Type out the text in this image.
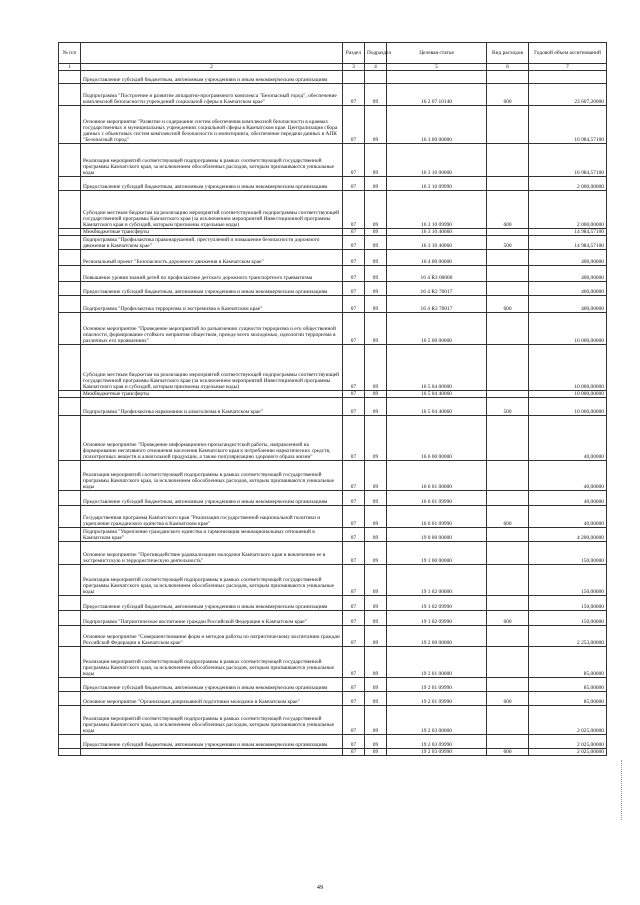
№ п/п		Раздел	Подраздел	Целевая статья	Вид расходов	Годовой объем ассигнований
1	2	3	4	5	6	7
	Предоставление субсидий бюджетным, автономным учреждениям и иным некоммерческим организациям					
	Подпрограмма "Построение и развитие аппаратно-программного комплекса "Безопасный город", обеспечение комплексной безопасности учреждений социальной сферы в Камчатском крае"	07	09	16 2 07 10140	600	23 607,20000
	Основное мероприятие "Развитие и содержание систем обеспечения комплексной безопасности в краевых государственных и муниципальных учреждениях социальной сферы в Камчатском крае. Централизация сбора данных с объектовых систем комплексной безопасности и мониторинга, обеспечение передачи данных в АПК "Безопасный город"	07	09	16 3 00 00000		16 984,57100
	Реализация мероприятий соответствующей подпрограммы в рамках соответствующей государственной программы Камчатского края, за исключением обособленных расходов, которым присваиваются уникальные коды	07	09	16 3 10 00000		16 984,57100
	Предоставление субсидий бюджетным, автономным учреждениям и иным некоммерческим организациям	07	09	16 3 10 09990		2 000,00000
	Субсидии местным бюджетам на реализацию мероприятий соответствующей подпрограммы соответствующей государственной программы Камчатского края (за исключением мероприятий Инвестиционной программы Камчатского края и субсидий, которым присвоены отдельные коды)	07	09	16 3 10 09990	600	2 000,00000
	Межбюджетные трансферты	07	09	16 3 10 40060		14 984,57100
	Подпрограмма "Профилактика правонарушений, преступлений и повышение безопасности дорожного движения в Камчатском крае"	07	09	16 3 10 40060	500	14 984,57100
	Региональный проект "Безопасность дорожного движения в Камчатском крае"	07	09	16 4 00 00000		400,00000
	Повышение уровня знаний детей по профилактике детского дорожного транспортного травматизма	07	09	16 4 R3 00000		400,00000
	Предоставление субсидий бюджетным, автономным учреждениям и иным некоммерческим организациям	07	09	16 4 R3 70017		400,00000
	Подпрограмма "Профилактика терроризма и экстремизма в Камчатском крае"	07	09	16 4 R3 70017	600	400,00000
	Основное мероприятие "Проведение мероприятий по разъяснению сущности терроризма и его общественной опасности, формирование стойкого неприятия обществом, прежде всего молодежью, идеологии терроризма в различных его проявлениях"	07	09	16 5 00 00000		10 000,00000
	Субсидии местным бюджетам на реализацию мероприятий соответствующей подпрограммы соответствующей государственной программы Камчатского края (за исключением мероприятий Инвестиционной программы Камчатского края и субсидий, которым присвоены отдельные коды)	07	09	16 5 04 00000		10 000,00000
	Межбюджетные трансферты	07	09	16 5 04 40060		10 000,00000
	Подпрограмма "Профилактика наркомании и алкоголизма в Камчатском крае"	07	09	16 5 04 40060	500	10 000,00000
	Основное мероприятие "Проведение информационно-пропагандистской работы, направленной на формирование негативного отношения населения Камчатского края к потреблению наркотических средств, психотропных веществ и алкогольной продукции, а также популяризацию здорового образа жизни"	07	09	16 6 00 00000		40,00000
	Реализация мероприятий соответствующей подпрограммы в рамках соответствующей государственной программы Камчатского края, за исключением обособленных расходов, которым присваиваются уникальные коды	07	09	16 6 01 00000		40,00000
	Предоставление субсидий бюджетным, автономным учреждениям и иным некоммерческим организациям	07	09	16 6 01 09990		40,00000
	Государственная программа Камчатского края "Реализация государственной национальной политики и укрепление гражданского единства в Камчатском крае"	07	09	16 6 01 09990	600	40,00000
	Подпрограмма "Укрепление гражданского единства и гармонизация межнациональных отношений в Камчатском крае"	07	09	19 0 00 00000		4 200,00000
	Основное мероприятие "Противодействие радикализации молодежи Камчатского края и вовлечению ее в экстремистскую и террористическую деятельность"	07	09	19 1 00 00000		150,00000
	Реализация мероприятий соответствующей подпрограммы в рамках соответствующей государственной программы Камчатского края, за исключением обособленных расходов, которым присваиваются уникальные коды	07	09	19 1 02 00000		150,00000
	Предоставление субсидий бюджетным, автономным учреждениям и иным некоммерческим организациям	07	09	19 1 02 09990		150,00000
	Подпрограмма "Патриотическое воспитание граждан Российской Федерации в Камчатском крае"	07	09	19 1 02 09990	600	150,00000
	Основное мероприятие "Совершенствование форм и методов работы по патриотическому воспитанию граждан Российской Федерации в Камчатском крае"	07	09	19 2 00 00000		2 253,00000
	Реализация мероприятий соответствующей подпрограммы в рамках соответствующей государственной программы Камчатского края, за исключением обособленных расходов, которым присваиваются уникальные коды	07	09	19 2 01 00000		85,00000
	Предоставление субсидий бюджетным, автономным учреждениям и иным некоммерческим организациям	07	09	19 2 01 09990		85,00000
	Основное мероприятие "Организация допризывной подготовки молодежи в Камчатском крае"	07	09	19 2 01 09990	600	85,00000
	Реализация мероприятий соответствующей подпрограммы в рамках соответствующей государственной программы Камчатского края, за исключением обособленных расходов, которым присваиваются уникальные коды	07	09	19 2 03 00000		2 025,00000
	Предоставление субсидий бюджетным, автономным учреждениям и иным некоммерческим организациям	07	09	19 2 03 09990		2 025,00000
		07	09	19 2 03 09990	600	2 025,00000
49
